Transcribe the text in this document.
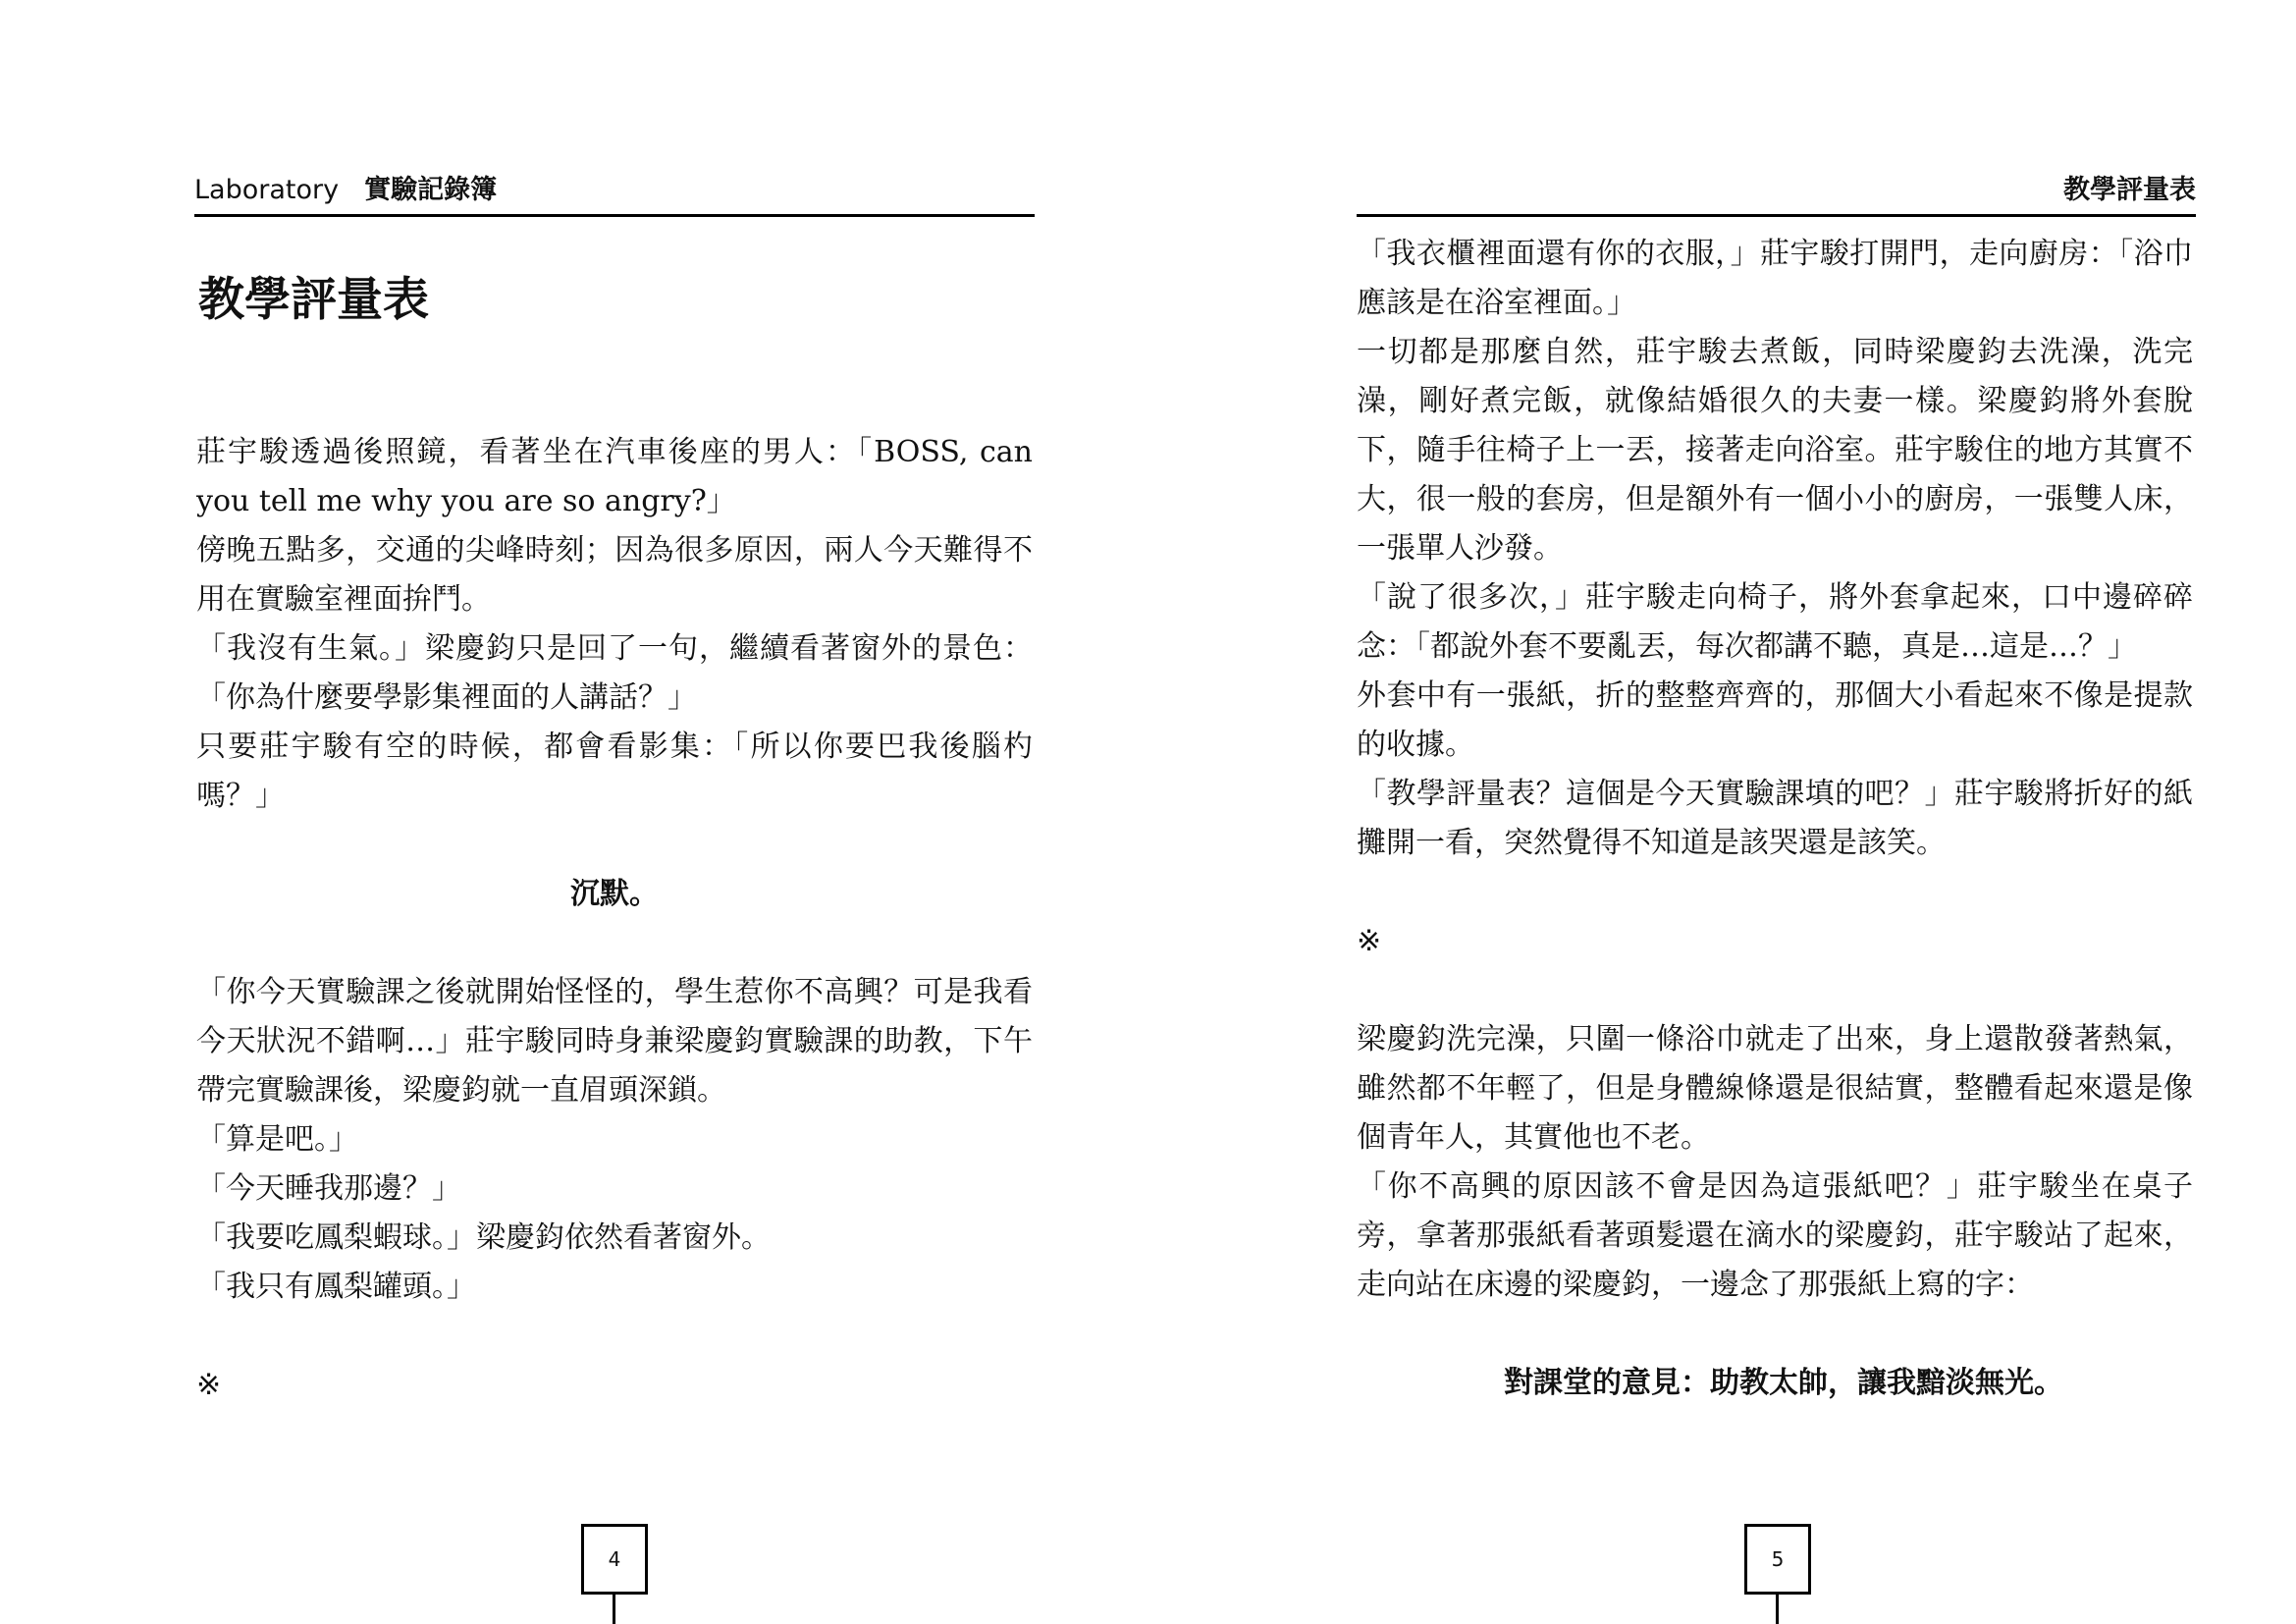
Laboratory 實驗記錄簿
教學評量表

莊宇駿透過後照鏡，看著坐在汽車後座的男人：「BOSS, can you tell me why you are so angry?」

傍晚五點多，交通的尖峰時刻；因為很多原因，兩人今天難得不用在實驗室裡面拚鬥。

「我沒有生氣。」梁慶鈞只是回了一句，繼續看著窗外的景色：「你為什麼要學影集裡面的人講話？」

只要莊宇駿有空的時候，都會看影集：「所以你要巴我後腦杓嗎？」

沉默。

「你今天實驗課之後就開始怪怪的，學生惹你不高興？可是我看今天狀況不錯啊…」莊宇駿同時身兼梁慶鈞實驗課的助教，下午帶完實驗課後，梁慶鈞就一直眉頭深鎖。

「算是吧。」

「今天睡我那邊？」

「我要吃鳳梨蝦球。」梁慶鈞依然看著窗外。

「我只有鳳梨罐頭。」

※

4
教學評量表

「我衣櫃裡面還有你的衣服，」莊宇駿打開門，走向廚房：「浴巾應該是在浴室裡面。」

一切都是那麼自然，莊宇駿去煮飯，同時梁慶鈞去洗澡，洗完澡，剛好煮完飯，就像結婚很久的夫妻一樣。梁慶鈞將外套脫下，隨手往椅子上一丟，接著走向浴室。莊宇駿住的地方其實不大，很一般的套房，但是額外有一個小小的廚房，一張雙人床，一張單人沙發。

「說了很多次，」莊宇駿走向椅子，將外套拿起來，口中邊碎碎念：「都說外套不要亂丟，每次都講不聽，真是…這是…？」

外套中有一張紙，折的整整齊齊的，那個大小看起來不像是提款的收據。

「教學評量表？這個是今天實驗課填的吧？」莊宇駿將折好的紙攤開一看，突然覺得不知道是該哭還是該笑。

※

梁慶鈞洗完澡，只圍一條浴巾就走了出來，身上還散發著熱氣，雖然都不年輕了，但是身體線條還是很結實，整體看起來還是像個青年人，其實他也不老。

「你不高興的原因該不會是因為這張紙吧？」莊宇駿坐在桌子旁，拿著那張紙看著頭髮還在滴水的梁慶鈞，莊宇駿站了起來，走向站在床邊的梁慶鈞，一邊念了那張紙上寫的字：

對課堂的意見：助教太帥，讓我黯淡無光。

5
